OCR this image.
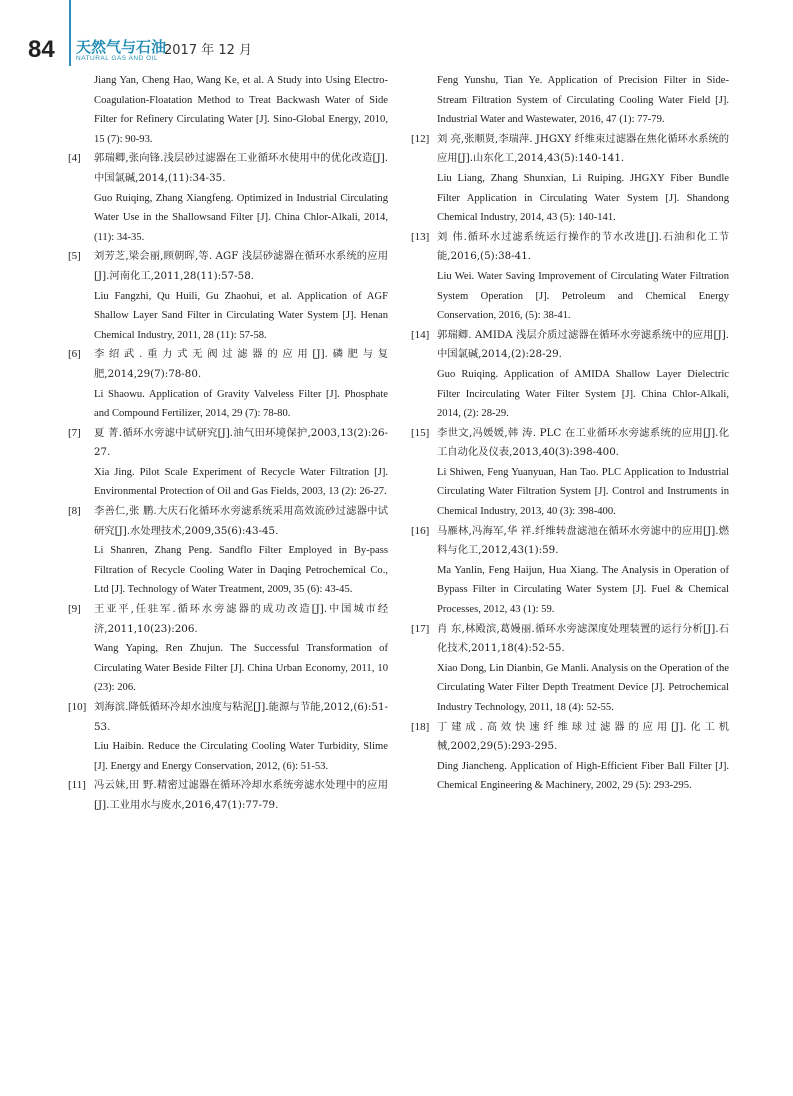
84 天然气与石油
NATURAL GAS AND OIL
2017 年 12 月
Jiang Yan, Cheng Hao, Wang Ke, et al. A Study into Using Electro-Coagulation-Floatation Method to Treat Backwash Water of Side Filter for Refinery Circulating Water [J]. Sino-Global Energy, 2010, 15 (7): 90-93.
[4]	郭瑞卿,张向锋.浅层砂过滤器在工业循环水使用中的优化改造[J].中国氯碱,2014,(11):34-35.
Guo Ruiqing, Zhang Xiangfeng. Optimized in Industrial Circulating Water Use in the Shallowsand Filter [J]. China Chlor-Alkali, 2014, (11): 34-35.
[5]	刘芳芝,梁会丽,顾朝晖,等. AGF 浅层砂滤器在循环水系统的应用[J].河南化工,2011,28(11):57-58.
Liu Fangzhi, Qu Huili, Gu Zhaohui, et al. Application of AGF Shallow Layer Sand Filter in Circulating Water System [J]. Henan Chemical Industry, 2011, 28 (11): 57-58.
[6]	李绍武.重力式无阀过滤器的应用[J].磷肥与复肥,2014,29(7):78-80.
Li Shaowu. Application of Gravity Valveless Filter [J]. Phosphate and Compound Fertilizer, 2014, 29 (7): 78-80.
[7]	夏 菁.循环水旁滤中试研究[J].油气田环境保护,2003,13(2):26-27.
Xia Jing. Pilot Scale Experiment of Recycle Water Filtration [J]. Environmental Protection of Oil and Gas Fields, 2003, 13 (2): 26-27.
[8]	李善仁,张 鹏.大庆石化循环水旁滤系统采用高效流砂过滤器中试研究[J].水处理技术,2009,35(6):43-45.
Li Shanren, Zhang Peng. Sandflo Filter Employed in By-pass Filtration of Recycle Cooling Water in Daqing Petrochemical Co., Ltd [J]. Technology of Water Treatment, 2009, 35 (6): 43-45.
[9]	王亚平,任驻军.循环水旁滤器的成功改造[J].中国城市经济,2011,10(23):206.
Wang Yaping, Ren Zhujun. The Successful Transformation of Circulating Water Beside Filter [J]. China Urban Economy, 2011, 10 (23): 206.
[10] 刘海滨.降低循环冷却水浊度与粘泥[J].能源与节能,2012,(6):51-53.
Liu Haibin. Reduce the Circulating Cooling Water Turbidity, Slime [J]. Energy and Energy Conservation, 2012, (6): 51-53.
[11] 冯云妹,田 野.精密过滤器在循环冷却水系统旁滤水处理中的应用[J].工业用水与废水,2016,47(1):77-79.
Feng Yunshu, Tian Ye. Application of Precision Filter in Side-Stream Filtration System of Circulating Cooling Water Field [J]. Industrial Water and Wastewater, 2016, 47 (1): 77-79.
[12] 刘 亮,张顺贤,李瑞萍. JHGXY 纤维束过滤器在焦化循环水系统的应用[J].山东化工,2014,43(5):140-141.
Liu Liang, Zhang Shunxian, Li Ruiping. JHGXY Fiber Bundle Filter Application in Circulating Water System [J]. Shandong Chemical Industry, 2014, 43 (5): 140-141.
[13] 刘 伟.循环水过滤系统运行操作的节水改进[J].石油和化工节能,2016,(5):38-41.
Liu Wei. Water Saving Improvement of Circulating Water Filtration System Operation [J]. Petroleum and Chemical Energy Conservation, 2016, (5): 38-41.
[14] 郭瑞卿. AMIDA 浅层介质过滤器在循环水旁滤系统中的应用[J].中国氯碱,2014,(2):28-29.
Guo Ruiqing. Application of AMIDA Shallow Layer Dielectric Filter Incirculating Water Filter System [J]. China Chlor-Alkali, 2014, (2): 28-29.
[15] 李世文,冯媛媛,韩 涛. PLC 在工业循环水旁滤系统的应用[J].化工自动化及仪表,2013,40(3):398-400.
Li Shiwen, Feng Yuanyuan, Han Tao. PLC Application to Industrial Circulating Water Filtration System [J]. Control and Instruments in Chemical Industry, 2013, 40 (3): 398-400.
[16] 马雁林,冯海军,华 祥.纤维转盘滤池在循环水旁滤中的应用[J].燃料与化工,2012,43(1):59.
Ma Yanlin, Feng Haijun, Hua Xiang. The Analysis in Operation of Bypass Filter in Circulating Water System [J]. Fuel & Chemical Processes, 2012, 43 (1): 59.
[17] 肖 东,林殿滨,葛嫚丽.循环水旁滤深度处理装置的运行分析[J].石化技术,2011,18(4):52-55.
Xiao Dong, Lin Dianbin, Ge Manli. Analysis on the Operation of the Circulating Water Filter Depth Treatment Device [J]. Petrochemical Industry Technology, 2011, 18 (4): 52-55.
[18] 丁建成.高效快速纤维球过滤器的应用[J].化工机械,2002,29(5):293-295.
Ding Jiancheng. Application of High-Efficient Fiber Ball Filter [J]. Chemical Engineering & Machinery, 2002, 29 (5): 293-295.
